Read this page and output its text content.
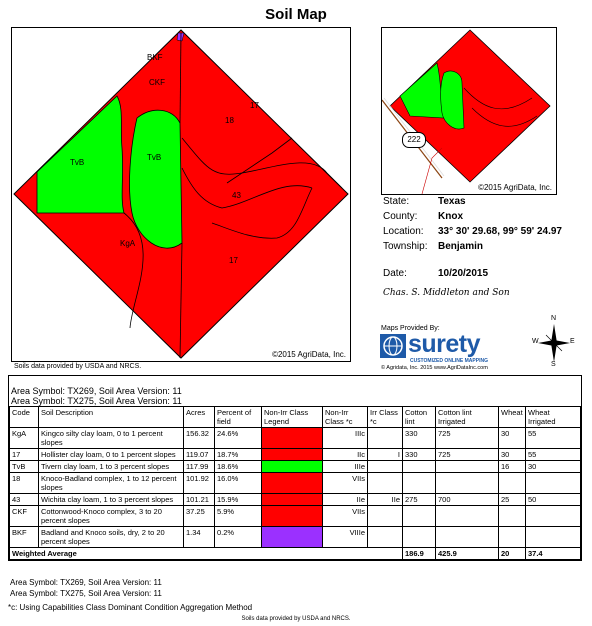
Soil Map
BKF
CKF
TvB
TvB
18
17
43
KgA
17
©2015 AgriData, Inc.
Soils data provided by USDA and NRCS.
222
©2015 AgriData, Inc.
State:	Texas
County: Knox
Location: 33° 30' 29.68, 99° 59' 24.97
Township: Benjamin
Date:	10/20/2015
Chas. S. Middleton and Son
Maps Provided By:
surety
CUSTOMIZED ONLINE MAPPING
© Agridata, Inc. 2015 www.AgriDataInc.com
N
S
E
W
Area Symbol: TX269, Soil Area Version: 11
Area Symbol: TX275, Soil Area Version: 11
Code	Soil Description	Acres	Percent of field	Non-Irr Class Legend	Non-Irr Class *c	Irr Class *c	Cotton lint	Cotton lint Irrigated	Wheat	Wheat Irrigated
KgA	Kingco silty clay loam, 0 to 1 percent slopes	156.32	24.6%		IIIc		330	725	30	55
17	Hollister clay loam, 0 to 1 percent slopes	119.07	18.7%		IIc	I	330	725	30	55
TvB	Tivern clay loam, 1 to 3 percent slopes	117.99	18.6%		IIIe				16	30
18	Knoco-Badland complex, 1 to 12 percent slopes	101.92	16.0%		VIIs					
43	Wichita clay loam, 1 to 3 percent slopes	101.21	15.9%		IIe	IIe	275	700	25	50
CKF	Cottonwood-Knoco complex, 3 to 20 percent slopes	37.25	5.9%		VIIs					
BKF	Badland and Knoco soils, dry, 2 to 20 percent slopes	1.34	0.2%		VIIIe					
Weighted Average							186.9	425.9	20	37.4
Area Symbol: TX269, Soil Area Version: 11
Area Symbol: TX275, Soil Area Version: 11
*c: Using Capabilities Class Dominant Condition Aggregation Method
Soils data provided by USDA and NRCS.
